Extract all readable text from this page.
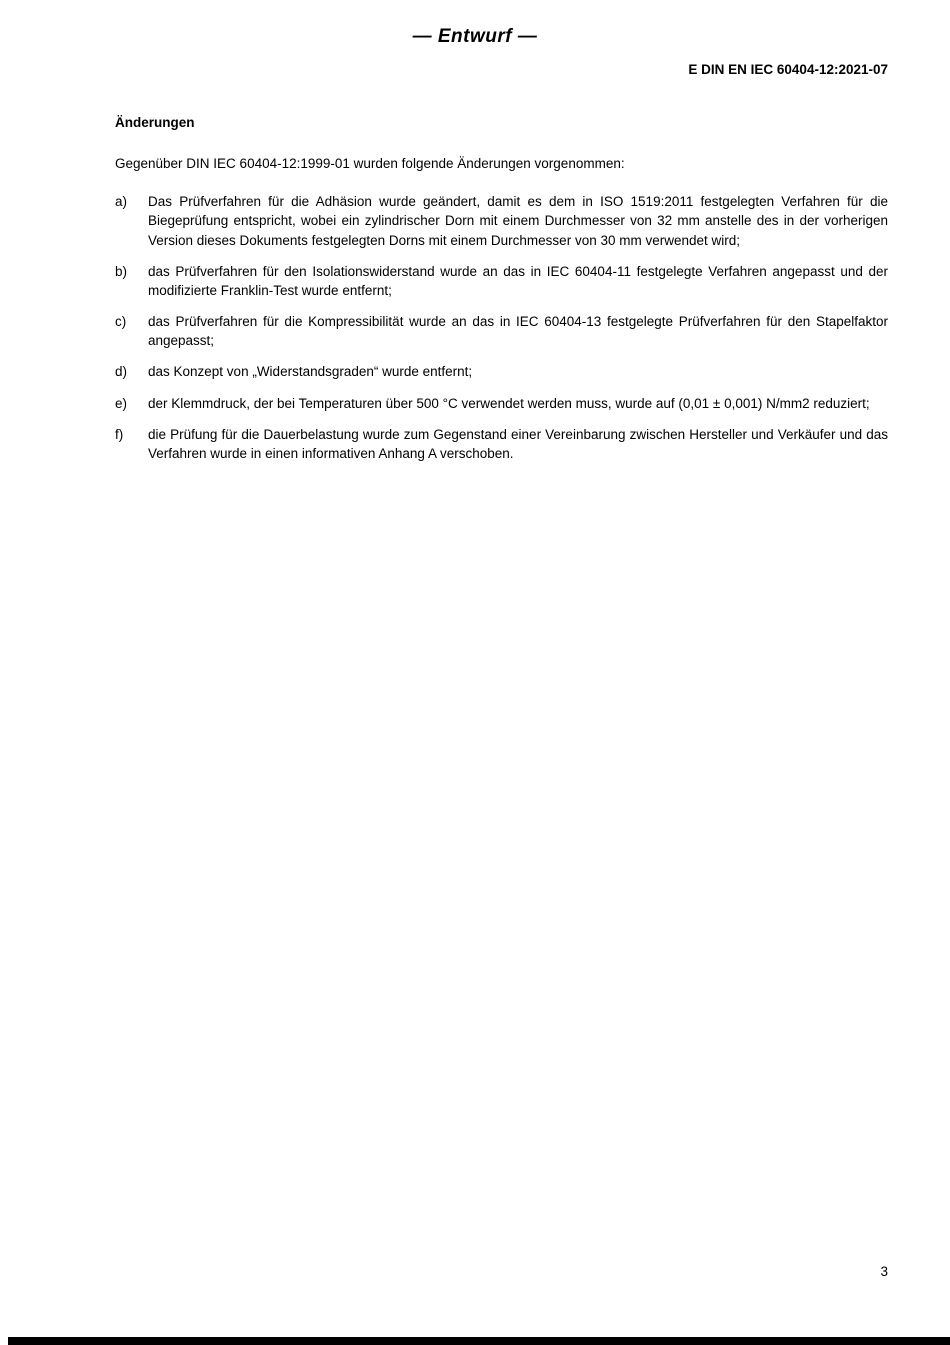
— Entwurf —
E DIN EN IEC 60404-12:2021-07
Änderungen

Gegenüber DIN IEC 60404-12:1999-01 wurden folgende Änderungen vorgenommen:

a)	Das Prüfverfahren für die Adhäsion wurde geändert, damit es dem in ISO 1519:2011 festgelegten Verfahren für die Biegeprüfung entspricht, wobei ein zylindrischer Dorn mit einem Durchmesser von 32 mm anstelle des in der vorherigen Version dieses Dokuments festgelegten Dorns mit einem Durchmesser von 30 mm verwendet wird;
b)	das Prüfverfahren für den Isolationswiderstand wurde an das in IEC 60404-11 festgelegte Verfahren angepasst und der modifizierte Franklin-Test wurde entfernt;
c)	das Prüfverfahren für die Kompressibilität wurde an das in IEC 60404-13 festgelegte Prüfverfahren für den Stapelfaktor angepasst;
d)	das Konzept von „Widerstandsgraden“ wurde entfernt;
e)	der Klemmdruck, der bei Temperaturen über 500 °C verwendet werden muss, wurde auf (0,01 ± 0,001) N/mm2 reduziert;
f)	die Prüfung für die Dauerbelastung wurde zum Gegenstand einer Vereinbarung zwischen Hersteller und Verkäufer und das Verfahren wurde in einen informativen Anhang A verschoben.
3
